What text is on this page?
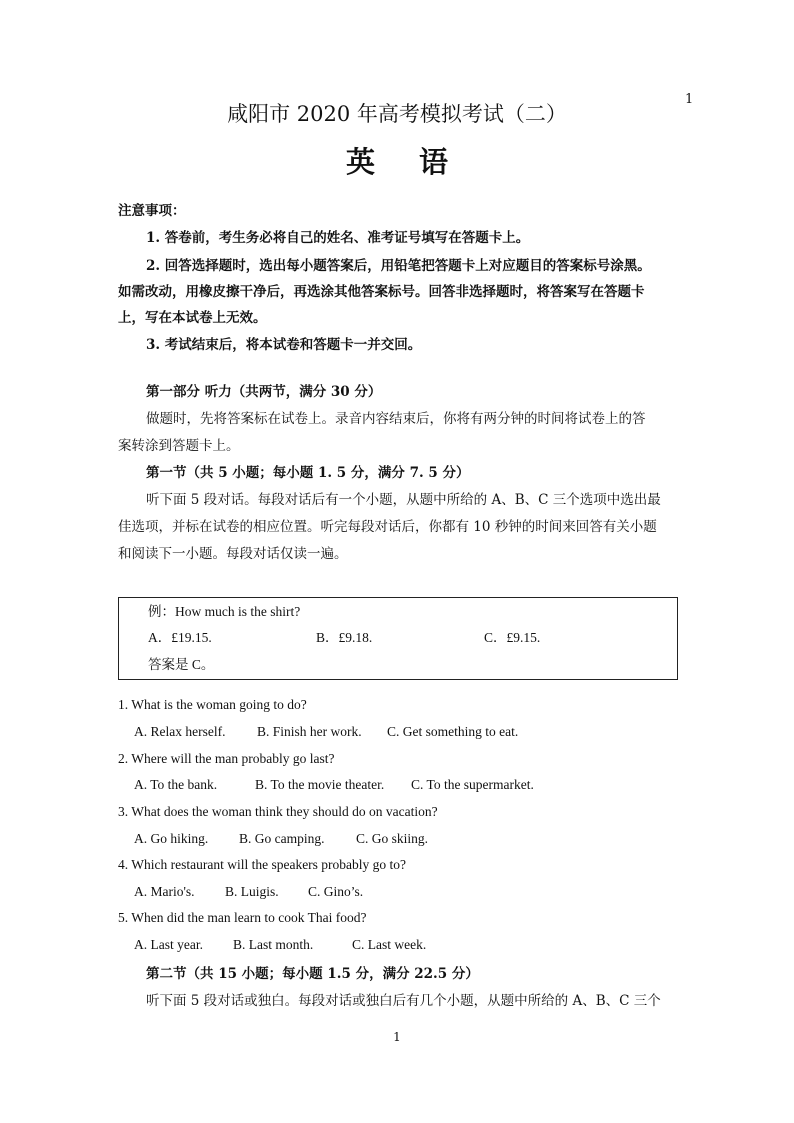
咸阳市 2020 年高考模拟考试（二）
1
英语
注意事项：
1. 答卷前，考生务必将自己的姓名、准考证号填写在答题卡上。
2. 回答选择题时，选出每小题答案后，用铅笔把答题卡上对应题目的答案标号涂黑。
如需改动，用橡皮擦干净后，再选涂其他答案标号。回答非选择题时，将答案写在答题卡
上，写在本试卷上无效。
3. 考试结束后，将本试卷和答题卡一并交回。
第一部分 听力（共两节，满分 30 分）
做题时，先将答案标在试卷上。录音内容结束后，你将有两分钟的时间将试卷上的答
案转涂到答题卡上。
第一节（共 5 小题；每小题 1. 5 分，满分 7. 5 分）
听下面 5 段对话。每段对话后有一个小题，从题中所给的 A、B、C 三个选项中选出最
佳选项，并标在试卷的相应位置。听完每段对话后，你都有 10 秒钟的时间来回答有关小题
和阅读下一小题。每段对话仅读一遍。
例：How much is the shirt?
A．£19.15.	B．£9.18.	C．£9.15.
答案是 C。
1. What is the woman going to do?
A. Relax herself. B. Finish her work. C. Get something to eat.
2. Where will the man probably go last?
A. To the bank.	B. To the movie theater. C. To the supermarket.
3. What does the woman think they should do on vacation?
A. Go hiking. B. Go camping. C. Go skiing.
4. Which restaurant will the speakers probably go to?
A. Mario's. B. Luigis. C. Gino’s.
5. When did the man learn to cook Thai food?
A. Last year. B. Last month.	C. Last week.
第二节（共 15 小题；每小题 1.5 分，满分 22.5 分）
听下面 5 段对话或独白。每段对话或独白后有几个小题，从题中所给的 A、B、C 三个
1
